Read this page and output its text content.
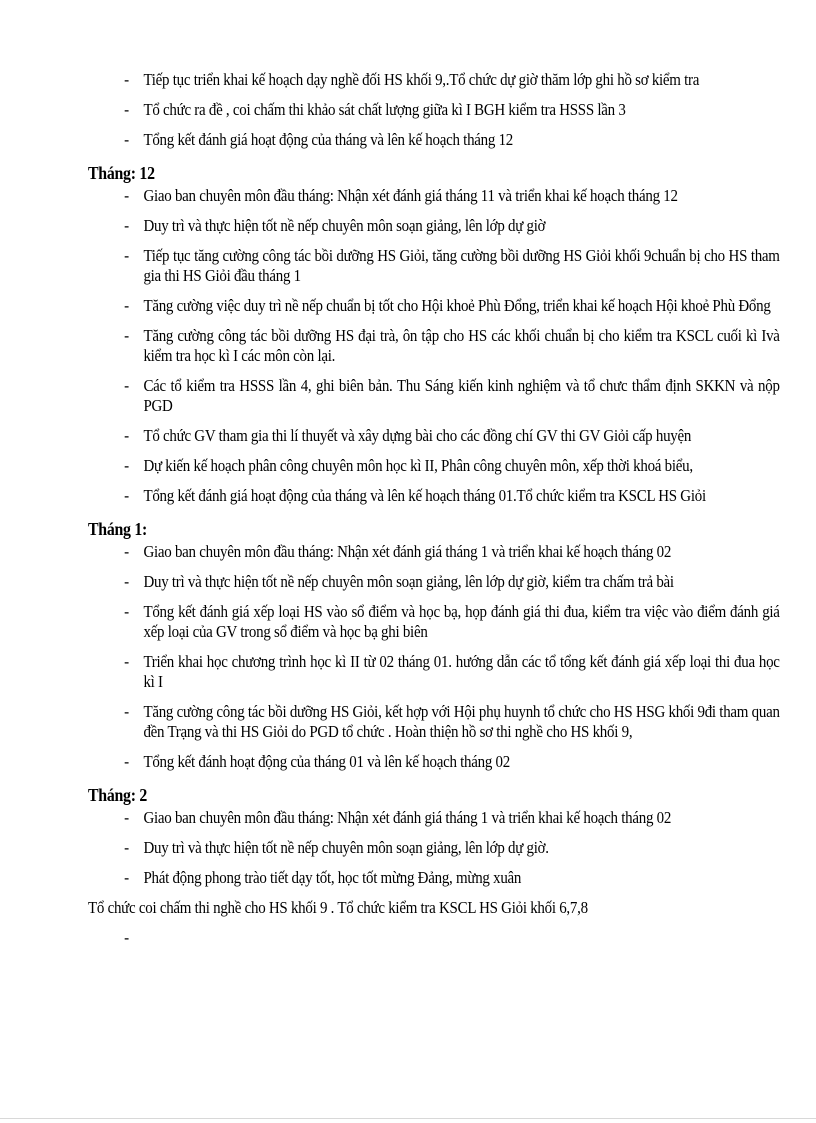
- Tiếp tục triển khai kế hoạch dạy nghề đối HS khối 9,.Tổ chức dự giờ thăm lớp ghi hồ sơ kiểm tra
- Tổ chức ra đề , coi chấm thi khảo sát chất lượng giữa kì I BGH kiểm tra HSSS lần 3
- Tổng kết đánh giá hoạt động của tháng và lên kế hoạch tháng 12
Tháng: 12
- Giao ban chuyên môn đầu tháng: Nhận xét đánh giá tháng 11 và triển khai kế hoạch tháng 12
- Duy trì và thực hiện tốt nề nếp chuyên môn soạn giảng, lên lớp dự giờ
- Tiếp tục tăng cường công tác bồi dưỡng HS Giỏi, tăng cường bồi dưỡng HS Giỏi khối 9chuẩn bị cho HS tham gia thi HS Giỏi đầu tháng 1
- Tăng cường việc duy trì nề nếp chuẩn bị tốt cho Hội khoẻ Phù Đổng, triển khai kế hoạch Hội khoẻ Phù Đổng
- Tăng cường công tác bồi dưỡng HS đại trà, ôn tập cho HS các khối chuẩn bị cho kiểm tra KSCL cuối kì Ivà kiểm tra học kì I các môn còn lại.
- Các tổ kiểm tra HSSS lần 4, ghi biên bản. Thu Sáng kiến kinh nghiệm và tổ chưc thẩm định SKKN và nộp PGD
- Tổ chức GV tham gia thi lí thuyết và xây dựng bài cho các đồng chí GV thi GV Giỏi cấp huyện
- Dự kiến kế hoạch phân công chuyên môn học kì II, Phân công chuyên môn, xếp thời khoá biểu,
- Tổng kết đánh giá hoạt động của tháng và lên kế hoạch tháng 01.Tổ chức kiểm tra KSCL HS Giỏi
Tháng 1:
- Giao ban chuyên môn đầu tháng: Nhận xét đánh giá tháng 1 và triển khai kế hoạch tháng 02
- Duy trì và thực hiện tốt nề nếp chuyên môn soạn giảng, lên lớp dự giờ, kiểm tra chấm trả bài
- Tổng kết đánh giá xếp loại HS vào sổ điểm và học bạ, họp đánh giá thi đua, kiểm tra việc vào điểm đánh giá xếp loại của GV trong sổ điểm và học bạ ghi biên
- Triển khai học chương trình học kì II từ 02 tháng 01. hướng dẫn các tổ tổng kết đánh giá xếp loại thi đua học kì I
- Tăng cường công tác bồi dưỡng HS Giỏi, kết hợp với Hội phụ huynh tổ chức cho HS HSG khối 9đi tham quan đền Trạng và thi HS Giỏi do PGD tổ chức . Hoàn thiện hồ sơ thi nghề cho HS khối 9,
- Tổng kết đánh hoạt động của tháng 01 và lên kế hoạch tháng 02
Tháng: 2
- Giao ban chuyên môn đầu tháng: Nhận xét đánh giá tháng 1 và triển khai kế hoạch tháng 02
- Duy trì và thực hiện tốt nề nếp chuyên môn soạn giảng, lên lớp dự giờ.
- Phát động phong trào tiết dạy tốt, học tốt mừng Đảng, mừng xuân

Tổ chức coi chấm thi nghề cho HS khối 9 . Tổ chức kiểm tra KSCL HS Giỏi khối 6,7,8

-
